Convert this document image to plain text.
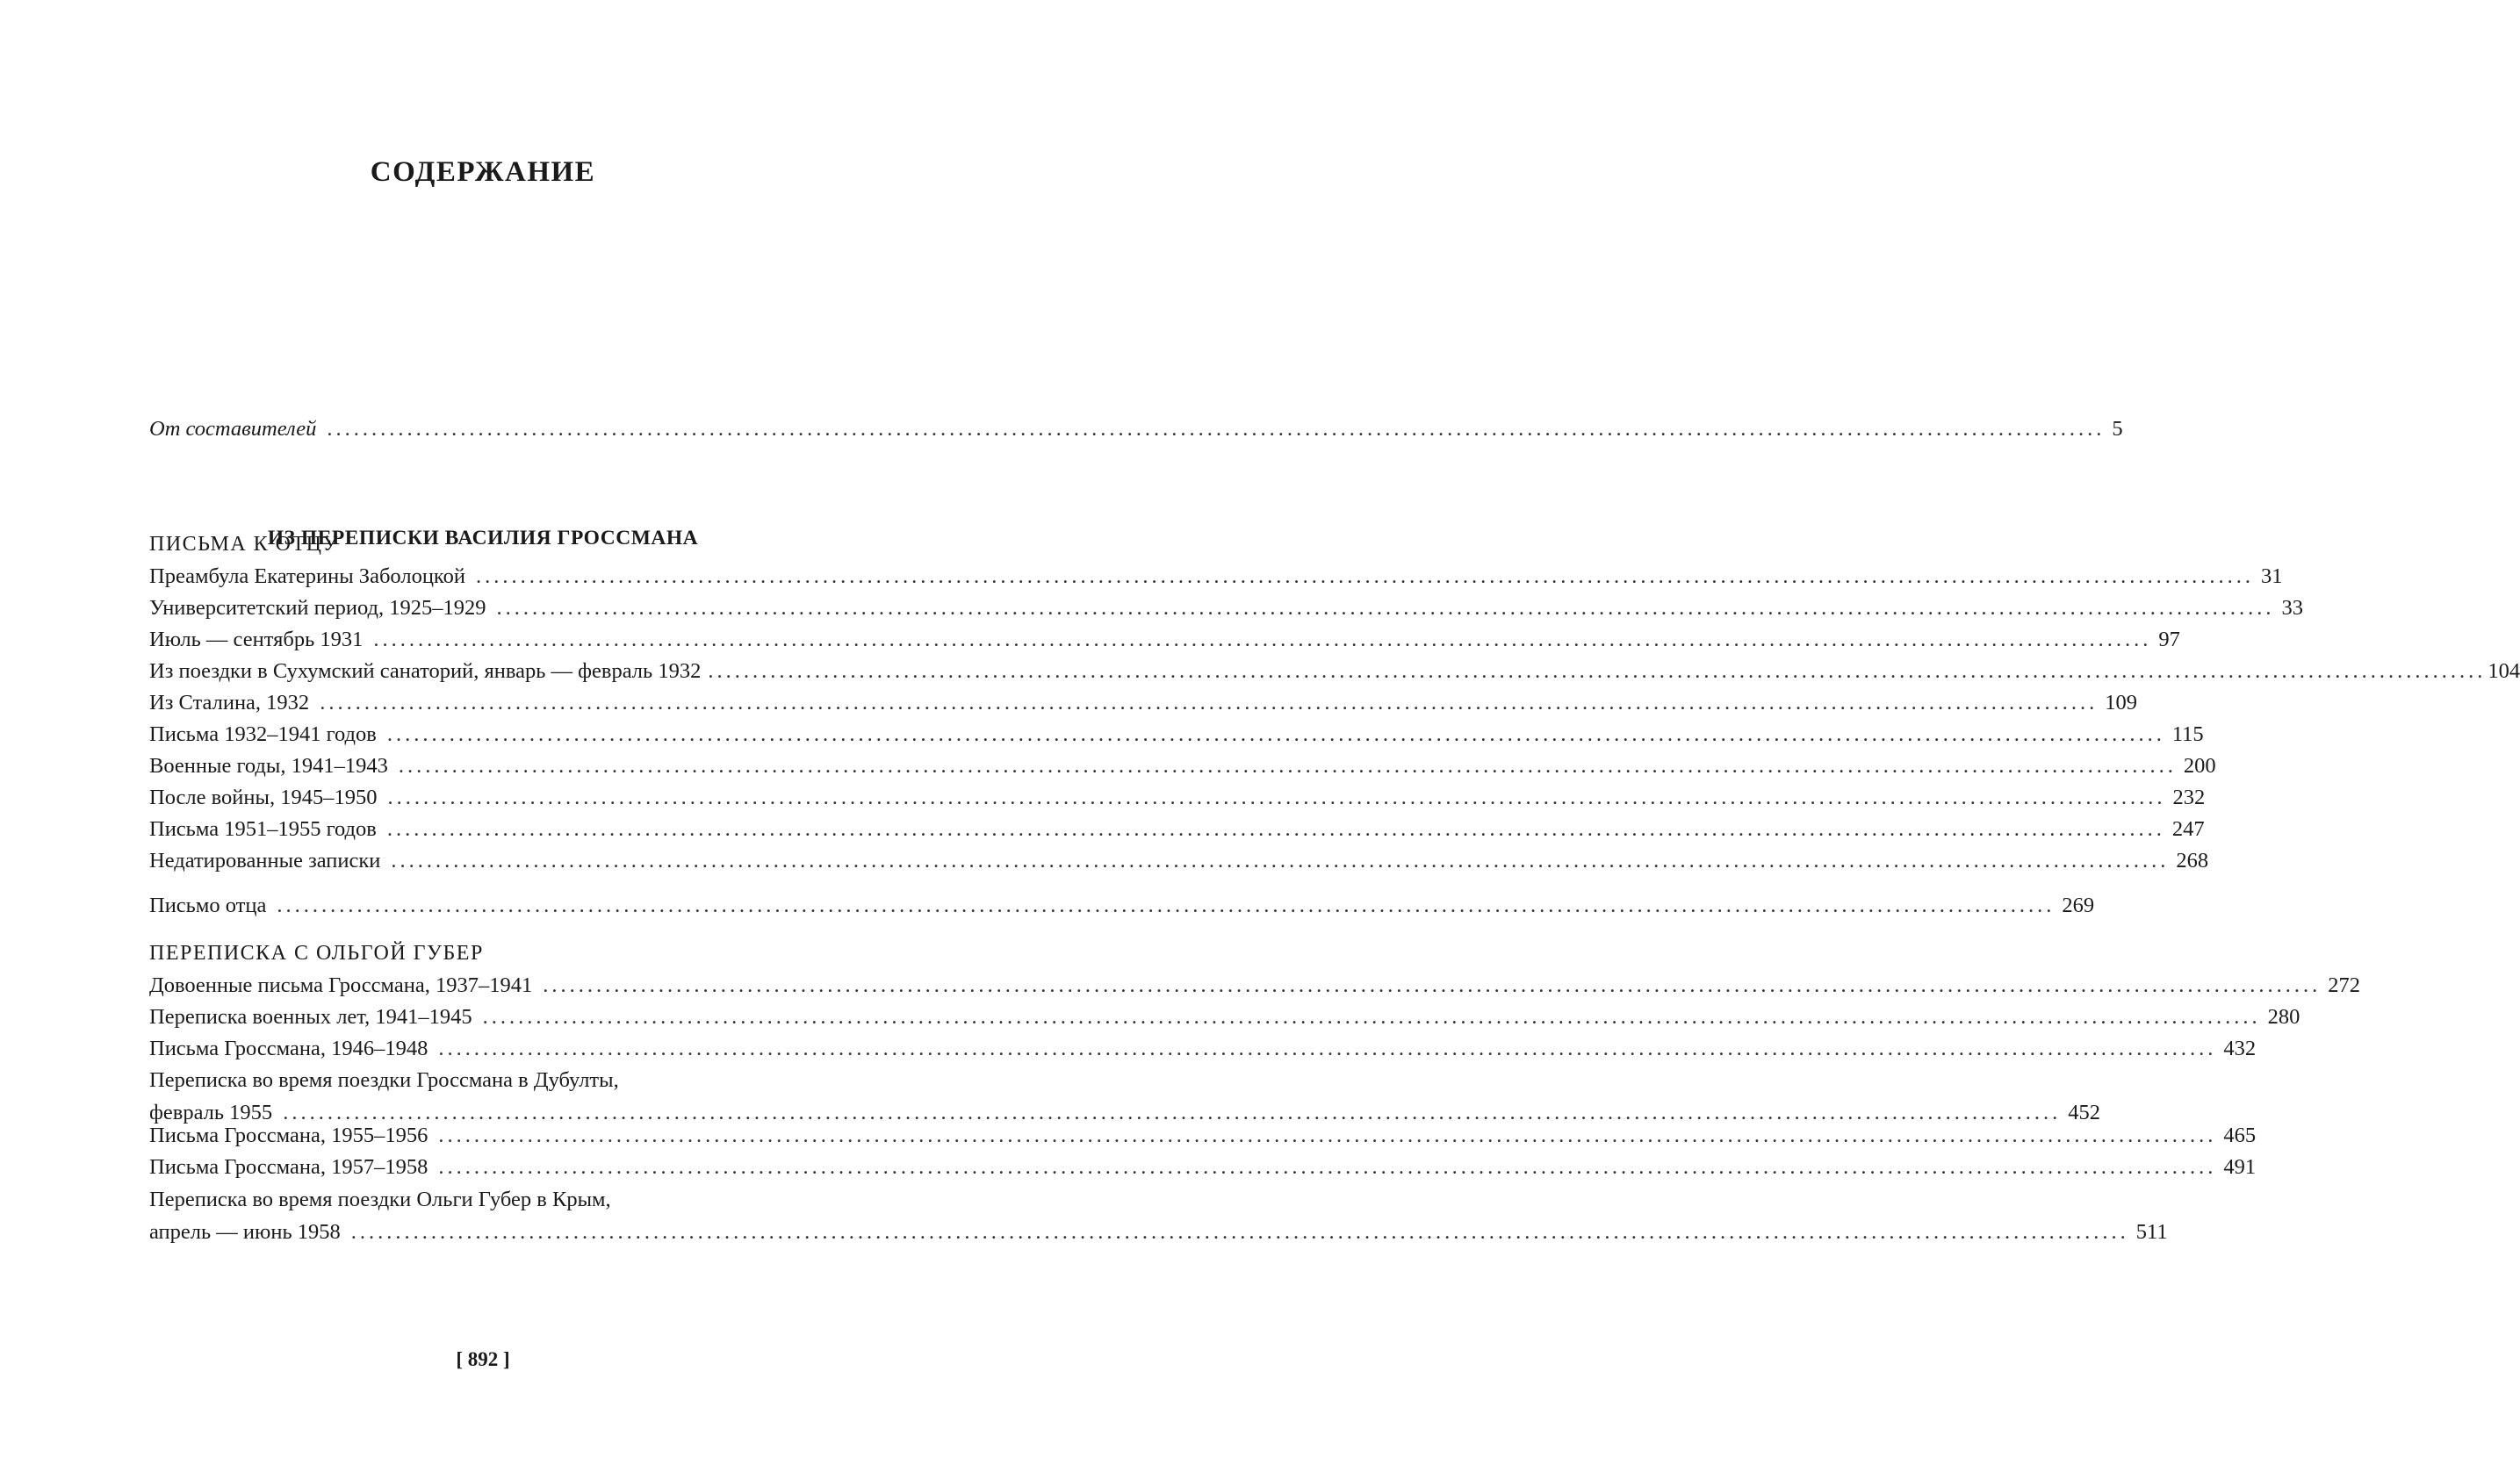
СОДЕРЖАНИЕ
От составителей ........................................................................................................................................................................................................ 5
ИЗ ПЕРЕПИСКИ ВАСИЛИЯ ГРОССМАНА
ПИСЬМА К ОТЦУ
Преамбула Екатерины Заболоцкой ........................................................................................................................................................................................................ 31
Университетский период, 1925–1929 ........................................................................................................................................................................................................ 33
Июль — сентябрь 1931 ........................................................................................................................................................................................................ 97
Из поездки в Сухумский санаторий, январь — февраль 1932 ........................................................................................................................................................................................................ 104
Из Сталина, 1932 ........................................................................................................................................................................................................ 109
Письма 1932–1941 годов ........................................................................................................................................................................................................ 115
Военные годы, 1941–1943 ........................................................................................................................................................................................................ 200
После войны, 1945–1950 ........................................................................................................................................................................................................ 232
Письма 1951–1955 годов ........................................................................................................................................................................................................ 247
Недатированные записки ........................................................................................................................................................................................................ 268
Письмо отца ........................................................................................................................................................................................................ 269
ПЕРЕПИСКА С ОЛЬГОЙ ГУБЕР
Довоенные письма Гроссмана, 1937–1941 ........................................................................................................................................................................................................ 272
Переписка военных лет, 1941–1945 ........................................................................................................................................................................................................ 280
Письма Гроссмана, 1946–1948 ........................................................................................................................................................................................................ 432
Переписка во время поездки Гроссмана в Дубулты,
февраль 1955 ........................................................................................................................................................................................................ 452
Письма Гроссмана, 1955–1956 ........................................................................................................................................................................................................ 465
Письма Гроссмана, 1957–1958 ........................................................................................................................................................................................................ 491
Переписка во время поездки Ольги Губер в Крым,
апрель — июнь 1958 ........................................................................................................................................................................................................ 511
[ 892 ]
